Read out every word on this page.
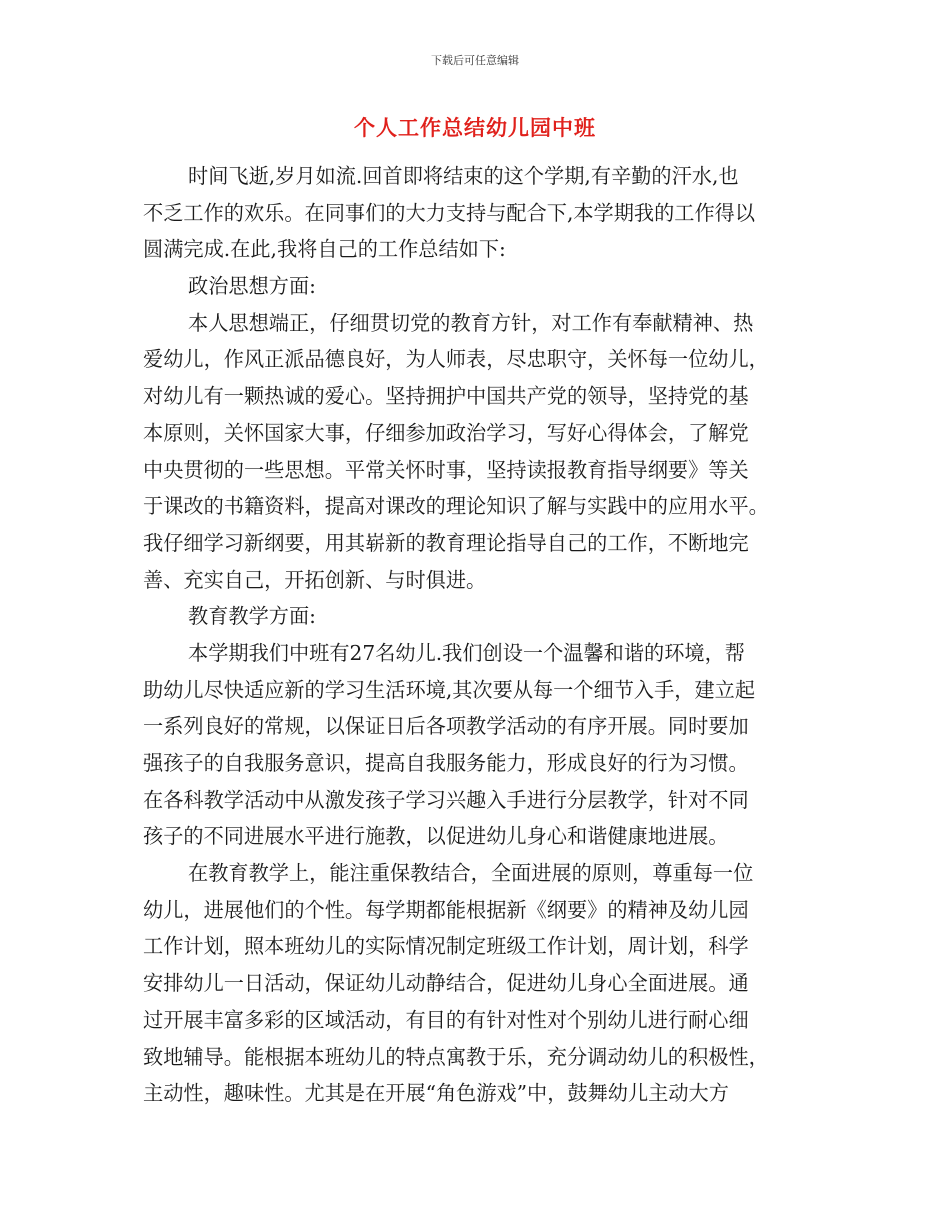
下载后可任意编辑
个人工作总结幼儿园中班
时间飞逝,岁月如流.回首即将结束的这个学期,有辛勤的汗水,也
不乏工作的欢乐。在同事们的大力支持与配合下,本学期我的工作得以
圆满完成.在此,我将自己的工作总结如下:
政治思想方面:
本人思想端正，仔细贯切党的教育方针，对工作有奉献精神、热
爱幼儿，作风正派品德良好，为人师表，尽忠职守，关怀每一位幼儿，
对幼儿有一颗热诚的爱心。坚持拥护中国共产党的领导，坚持党的基
本原则，关怀国家大事，仔细参加政治学习，写好心得体会，了解党
中央贯彻的一些思想。平常关怀时事，坚持读报教育指导纲要》等关
于课改的书籍资料，提高对课改的理论知识了解与实践中的应用水平。
我仔细学习新纲要，用其崭新的教育理论指导自己的工作，不断地完
善、充实自己，开拓创新、与时俱进。
教育教学方面:
本学期我们中班有27名幼儿.我们创设一个温馨和谐的环境，帮
助幼儿尽快适应新的学习生活环境,其次要从每一个细节入手，建立起
一系列良好的常规，以保证日后各项教学活动的有序开展。同时要加
强孩子的自我服务意识，提高自我服务能力，形成良好的行为习惯。
在各科教学活动中从激发孩子学习兴趣入手进行分层教学，针对不同
孩子的不同进展水平进行施教，以促进幼儿身心和谐健康地进展。
在教育教学上，能注重保教结合，全面进展的原则，尊重每一位
幼儿，进展他们的个性。每学期都能根据新《纲要》的精神及幼儿园
工作计划，照本班幼儿的实际情况制定班级工作计划，周计划，科学
安排幼儿一日活动，保证幼儿动静结合，促进幼儿身心全面进展。通
过开展丰富多彩的区域活动，有目的有针对性对个别幼儿进行耐心细
致地辅导。能根据本班幼儿的特点寓教于乐，充分调动幼儿的积极性，
主动性，趣味性。尤其是在开展“角色游戏”中，鼓舞幼儿主动大方
